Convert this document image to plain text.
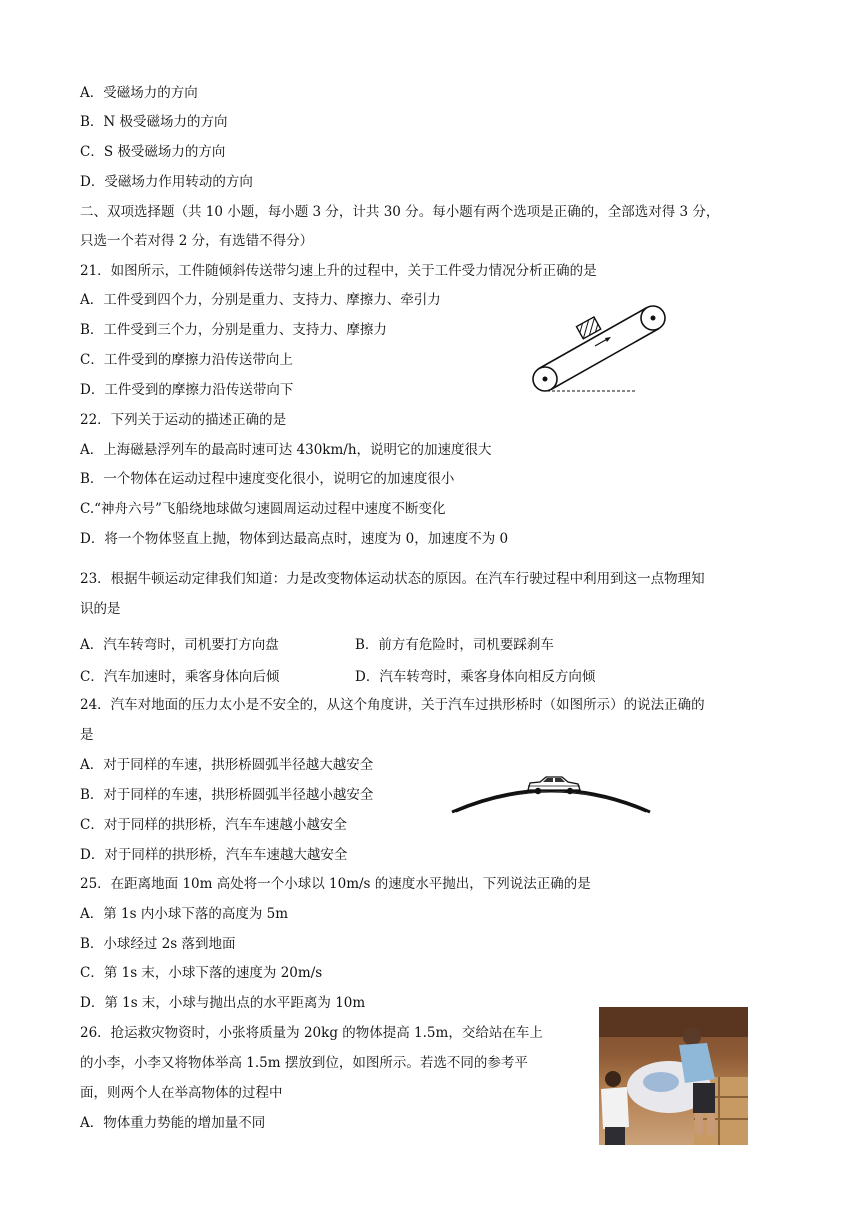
A．受磁场力的方向
B．N 极受磁场力的方向
C．S 极受磁场力的方向
D．受磁场力作用转动的方向
二、双项选择题（共 10 小题，每小题 3 分，计共 30 分。每小题有两个选项是正确的，全部选对得 3 分，
只选一个若对得 2 分，有选错不得分）
21．如图所示，工件随倾斜传送带匀速上升的过程中，关于工件受力情况分析正确的是
A．工件受到四个力，分别是重力、支持力、摩擦力、牵引力
B．工件受到三个力，分别是重力、支持力、摩擦力
C．工件受到的摩擦力沿传送带向上
D．工件受到的摩擦力沿传送带向下
22．下列关于运动的描述正确的是
A．上海磁悬浮列车的最高时速可达 430km/h，说明它的加速度很大
B．一个物体在运动过程中速度变化很小，说明它的加速度很小
C.“神舟六号”飞船绕地球做匀速圆周运动过程中速度不断变化
D．将一个物体竖直上抛，物体到达最高点时，速度为 0，加速度不为 0
23．根据牛顿运动定律我们知道：力是改变物体运动状态的原因。在汽车行驶过程中利用到这一点物理知
识的是
A．汽车转弯时，司机要打方向盘	B．前方有危险时，司机要踩刹车
C．汽车加速时，乘客身体向后倾	D．汽车转弯时，乘客身体向相反方向倾
24．汽车对地面的压力太小是不安全的，从这个角度讲，关于汽车过拱形桥时（如图所示）的说法正确的
是
A．对于同样的车速，拱形桥圆弧半径越大越安全
B．对于同样的车速，拱形桥圆弧半径越小越安全
C．对于同样的拱形桥，汽车车速越小越安全
D．对于同样的拱形桥，汽车车速越大越安全
25．在距离地面 10m 高处将一个小球以 10m/s 的速度水平抛出，下列说法正确的是
A．第 1s 内小球下落的高度为 5m
B．小球经过 2s 落到地面
C．第 1s 末，小球下落的速度为 20m/s
D．第 1s 末，小球与抛出点的水平距离为 10m
26．抢运救灾物资时，小张将质量为 20kg 的物体提高 1.5m，交给站在车上
的小李，小李又将物体举高 1.5m 摆放到位，如图所示。若选不同的参考平
面，则两个人在举高物体的过程中
A．物体重力势能的增加量不同
